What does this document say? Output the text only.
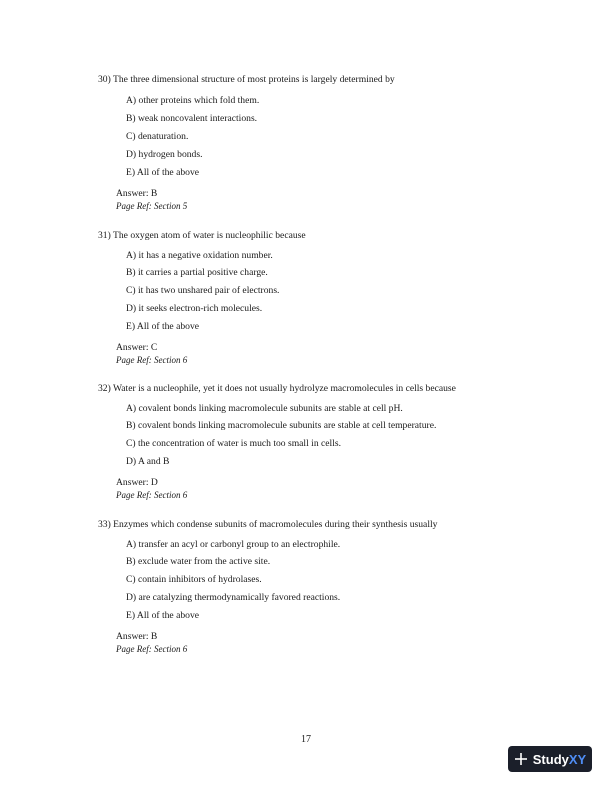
30) The three dimensional structure of most proteins is largely determined by
A) other proteins which fold them.
B) weak noncovalent interactions.
C) denaturation.
D) hydrogen bonds.
E) All of the above
Answer: B
Page Ref: Section 5
31) The oxygen atom of water is nucleophilic because
A) it has a negative oxidation number.
B) it carries a partial positive charge.
C) it has two unshared pair of electrons.
D) it seeks electron-rich molecules.
E) All of the above
Answer: C
Page Ref: Section 6
32) Water is a nucleophile, yet it does not usually hydrolyze macromolecules in cells because
A) covalent bonds linking macromolecule subunits are stable at cell pH.
B) covalent bonds linking macromolecule subunits are stable at cell temperature.
C) the concentration of water is much too small in cells.
D) A and B
Answer: D
Page Ref: Section 6
33) Enzymes which condense subunits of macromolecules during their synthesis usually
A) transfer an acyl or carbonyl group to an electrophile.
B) exclude water from the active site.
C) contain inhibitors of hydrolases.
D) are catalyzing thermodynamically favored reactions.
E) All of the above
Answer: B
Page Ref: Section 6
17
Study XY
